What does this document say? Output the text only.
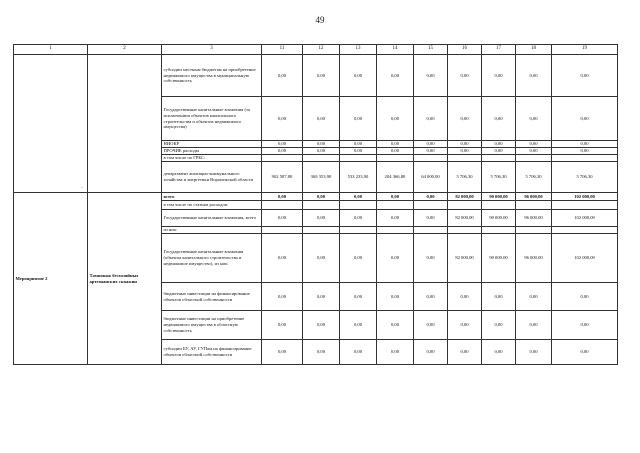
49
1	2	3	11	12	13	14	15	16	17	18	19

-		субсидии местным бюджетам на приобретение недвижимого имущества в муниципальную собственность	0,00	0,00	0,00	0,00	0,00	0,00	0,00	0,00	0,00
		Государственные капитальные вложения (за исключением объектов капитального строительства и объектов недвижимого имущества)	0,00	0,00	0,00	0,00	0,00	0,00	0,00	0,00	0,00
		НИОКР	0,00	0,00	0,00	0,00	0,00	0,00	0,00	0,00	0,00
		ПРОЧИЕ расходы	0,00	0,00	0,00	0,00	0,00	0,00	0,00	0,00	0,00
		в том числе по ГРБС:									
		департамент жилищно-коммунального хозяйства и энергетики Воронежской области	902 587,80	369 353,90	533 233,90	204 366,80	64 000,00	5 706,30	5 706,30	5 706,30	5 706,30
Мероприятие 2	Тампонаж бесхозяйных артезианских скважин	всего	0,00	0,00	0,00	0,00	0,00	82 000,00	90 000,00	96 000,00	102 000,00
		в том числе по статьям расходов:									
		Государственные капитальные вложения, всего	0,00	0,00	0,00	0,00	0,00	82 000,00	90 000,00	96 000,00	102 000,00
		из них:									
		Государственные капитальные вложения (объекты капитального строительства и недвижимое имущество), из них:	0,00	0,00	0,00	0,00	0,00	82 000,00	90 000,00	96 000,00	102 000,00
		бюджетные инвестиции на финансирование объектов областной собственности	0,00	0,00	0,00	0,00	0,00	0,00	0,00	0,00	0,00
		бюджетные инвестиции на приобретение недвижимого имущества в областную собственность	0,00	0,00	0,00	0,00	0,00	0,00	0,00	0,00	0,00
		субсидии БУ, АУ, ГУПам на финансирование объектов областной собственности	0,00	0,00	0,00	0,00	0,00	0,00	0,00	0,00	0,00
